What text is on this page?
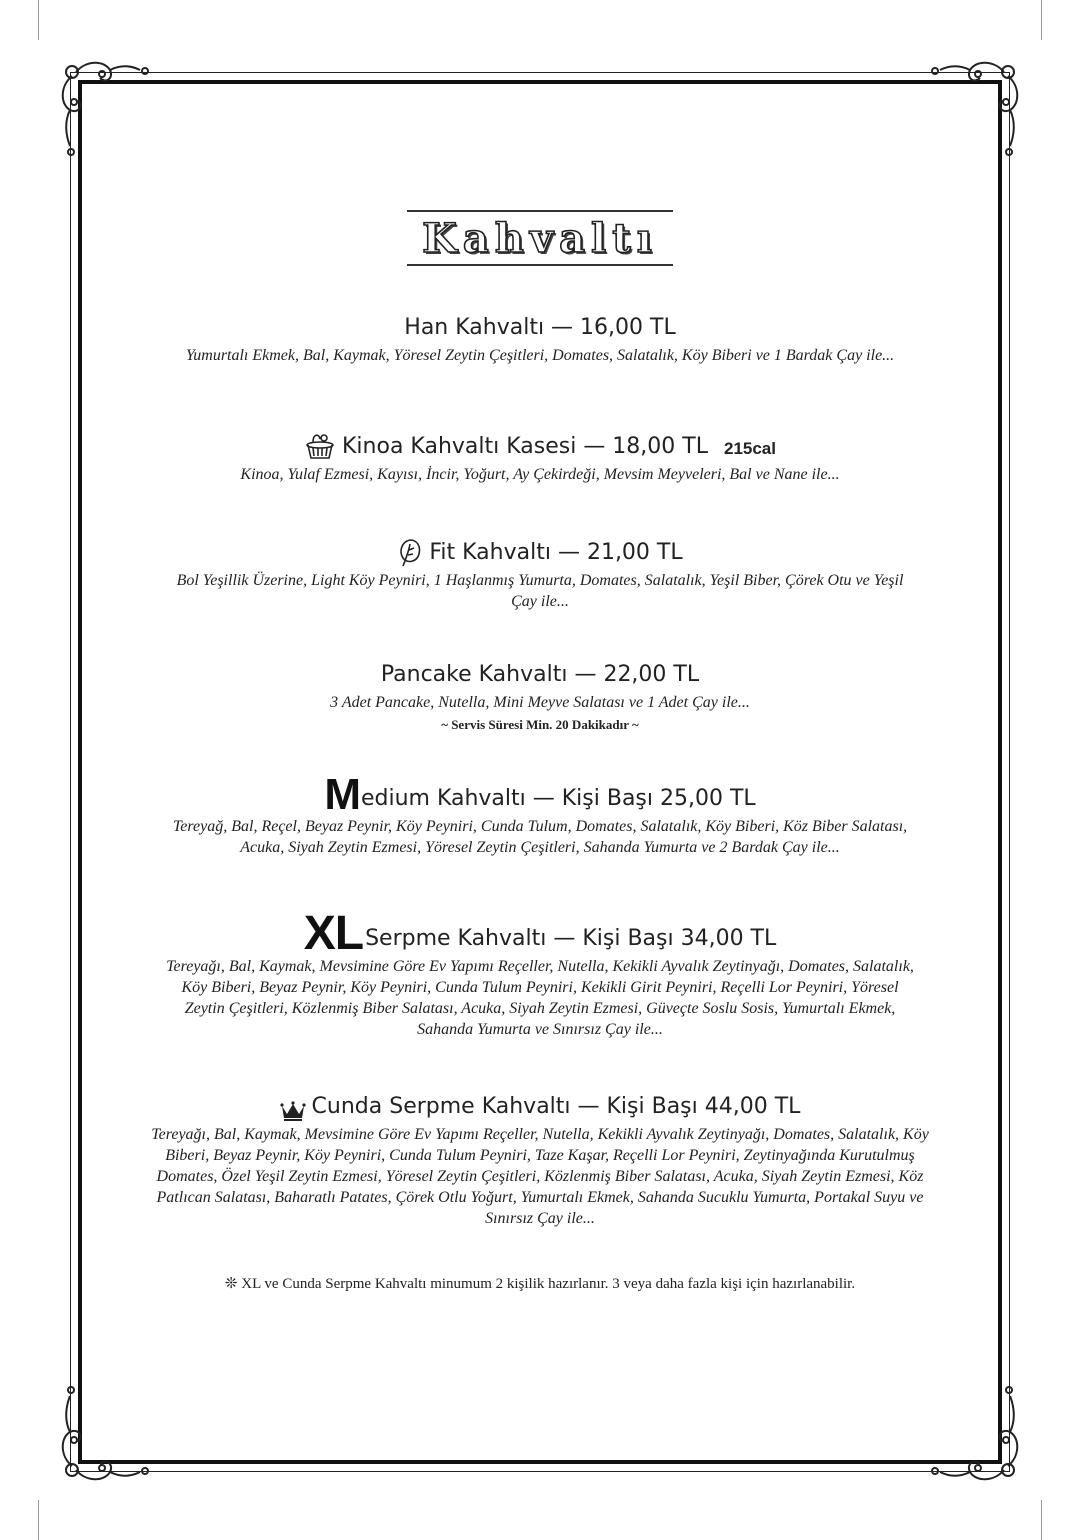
Kahvaltı
Han Kahvaltı — 16,00 TL
Yumurtalı Ekmek, Bal, Kaymak, Yöresel Zeytin Çeşitleri, Domates, Salatalık, Köy Biberi ve 1 Bardak Çay ile...
Kinoa Kahvaltı Kasesi — 18,00 TL 215cal
Kinoa, Yulaf Ezmesi, Kayısı, İncir, Yoğurt, Ay Çekirdeği, Mevsim Meyveleri, Bal ve Nane ile...
Fit Kahvaltı — 21,00 TL
Bol Yeşillik Üzerine, Light Köy Peyniri, 1 Haşlanmış Yumurta, Domates, Salatalık, Yeşil Biber, Çörek Otu ve Yeşil Çay ile...
Pancake Kahvaltı — 22,00 TL
3 Adet Pancake, Nutella, Mini Meyve Salatası ve 1 Adet Çay ile...
~ Servis Süresi Min. 20 Dakikadır ~
M edium Kahvaltı — Kişi Başı 25,00 TL
Tereyağ, Bal, Reçel, Beyaz Peynir, Köy Peyniri, Cunda Tulum, Domates, Salatalık, Köy Biberi, Köz Biber Salatası, Acuka, Siyah Zeytin Ezmesi, Yöresel Zeytin Çeşitleri, Sahanda Yumurta ve 2 Bardak Çay ile...
XL Serpme Kahvaltı — Kişi Başı 34,00 TL
Tereyağı, Bal, Kaymak, Mevsimine Göre Ev Yapımı Reçeller, Nutella, Kekikli Ayvalık Zeytinyağı, Domates, Salatalık, Köy Biberi, Beyaz Peynir, Köy Peyniri, Cunda Tulum Peyniri, Kekikli Girit Peyniri, Reçelli Lor Peyniri, Yöresel Zeytin Çeşitleri, Közlenmiş Biber Salatası, Acuka, Siyah Zeytin Ezmesi, Güveçte Soslu Sosis, Yumurtalı Ekmek, Sahanda Yumurta ve Sınırsız Çay ile...
Cunda Serpme Kahvaltı — Kişi Başı 44,00 TL
Tereyağı, Bal, Kaymak, Mevsimine Göre Ev Yapımı Reçeller, Nutella, Kekikli Ayvalık Zeytinyağı, Domates, Salatalık, Köy Biberi, Beyaz Peynir, Köy Peyniri, Cunda Tulum Peyniri, Taze Kaşar, Reçelli Lor Peyniri, Zeytinyağında Kurutulmuş Domates, Özel Yeşil Zeytin Ezmesi, Yöresel Zeytin Çeşitleri, Közlenmiş Biber Salatası, Acuka, Siyah Zeytin Ezmesi, Köz Patlıcan Salatası, Baharatlı Patates, Çörek Otlu Yoğurt, Yumurtalı Ekmek, Sahanda Sucuklu Yumurta, Portakal Suyu ve Sınırsız Çay ile...
❊ XL ve Cunda Serpme Kahvaltı minumum 2 kişilik hazırlanır. 3 veya daha fazla kişi için hazırlanabilir.
